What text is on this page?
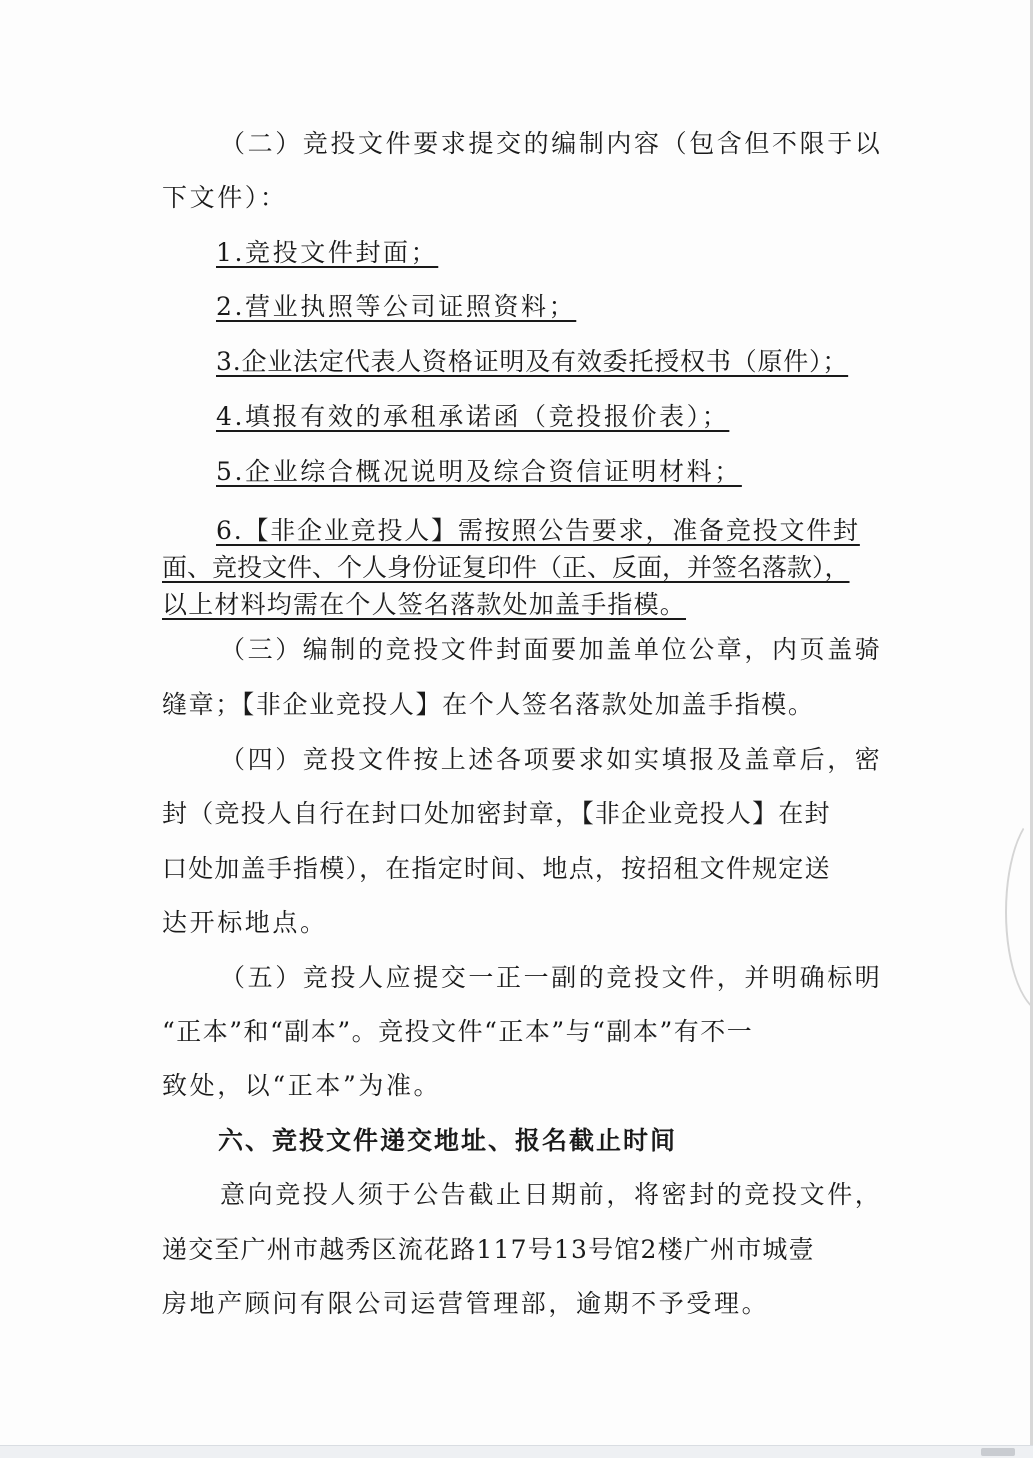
（二）竞投文件要求提交的编制内容（包含但不限于以
下文件）：
1.竞投文件封面；
2.营业执照等公司证照资料；
3.企业法定代表人资格证明及有效委托授权书（原件）；
4.填报有效的承租承诺函（竞投报价表）；
5.企业综合概况说明及综合资信证明材料；
6.【非企业竞投人】需按照公告要求，准备竞投文件封
面、竞投文件、个人身份证复印件（正、反面，并签名落款），
以上材料均需在个人签名落款处加盖手指模。
（三）编制的竞投文件封面要加盖单位公章，内页盖骑
缝章；【非企业竞投人】在个人签名落款处加盖手指模。
（四）竞投文件按上述各项要求如实填报及盖章后，密
封（竞投人自行在封口处加密封章，【非企业竞投人】在封
口处加盖手指模），在指定时间、地点，按招租文件规定送
达开标地点。
（五）竞投人应提交一正一副的竞投文件，并明确标明
“正本”和“副本”。竞投文件“正本”与“副本”有不一
致处，以“正本”为准。
六、竞投文件递交地址、报名截止时间
意向竞投人须于公告截止日期前，将密封的竞投文件，
递交至广州市越秀区流花路117号13号馆2楼广州市城壹
房地产顾问有限公司运营管理部，逾期不予受理。
